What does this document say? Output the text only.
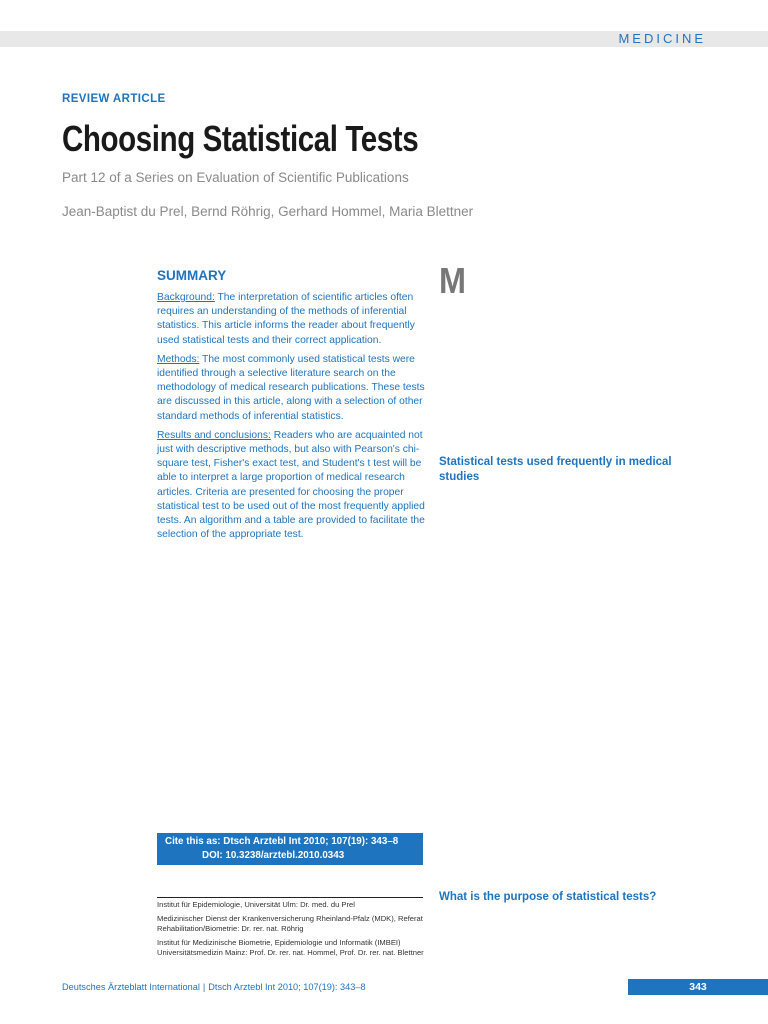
MEDICINE
REVIEW ARTICLE
Choosing Statistical Tests
Part 12 of a Series on Evaluation of Scientific Publications
Jean-Baptist du Prel, Bernd Röhrig, Gerhard Hommel, Maria Blettner
SUMMARY

Background: The interpretation of scientific articles often requires an understanding of the methods of inferential statistics. This article informs the reader about frequently used statistical tests and their correct application.

Methods: The most commonly used statistical tests were identified through a selective literature search on the methodology of medical research publications. These tests are discussed in this article, along with a selection of other standard methods of inferential statistics.

Results and conclusions: Readers who are acquainted not just with descriptive methods, but also with Pearson's chi-square test, Fisher's exact test, and Student's t test will be able to interpret a large proportion of medical research articles. Criteria are presented for choosing the proper statistical test to be used out of the most frequently applied tests. An algorithm and a table are provided to facilitate the selection of the appropriate test.

M
Statistical tests used frequently in medical studies
What is the purpose of statistical tests?
Cite this as: Dtsch Arztebl Int 2010; 107(19): 343–8
DOI: 10.3238/arztebl.2010.0343

Institut für Epidemiologie, Universität Ulm: Dr. med. du Prel

Medizinischer Dienst der Krankenversicherung Rheinland-Pfalz (MDK), Referat Rehabilitation/Biometrie: Dr. rer. nat. Röhrig

Institut für Medizinische Biometrie, Epidemiologie und Informatik (IMBEI) Universitätsmedizin Mainz: Prof. Dr. rer. nat. Hommel, Prof. Dr. rer. nat. Blettner

Deutsches Ärzteblatt International | Dtsch Arztebl Int 2010; 107(19): 343–8	343
